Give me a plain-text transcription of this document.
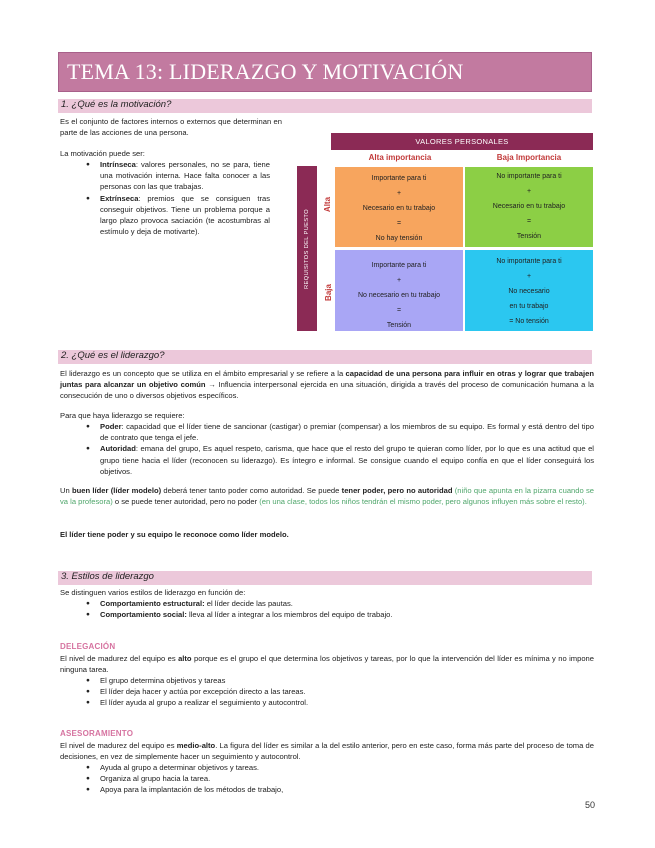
TEMA 13: LIDERAZGO Y MOTIVACIÓN
1. ¿Qué es la motivación?
Es el conjunto de factores internos o externos que determinan en parte de las acciones de una persona.
La motivación puede ser:
● Intrínseca: valores personales, no se para, tiene una motivación interna. Hace falta conocer a las personas con las que trabajas.
● Extrínseca: premios que se consiguen tras conseguir objetivos. Tiene un problema porque a largo plazo provoca saciación (te acostumbras al estímulo y deja de motivarte).
VALORES PERSONALES
Alta importancia	Baja Importancia
REQUISITOS DEL PUESTO
Alta
Baja
Importante para ti
+
Necesario en tu trabajo
=
No hay tensión
No importante para ti
+
Necesario en tu trabajo
=
Tensión
Importante para ti
+
No necesario en tu trabajo
=
Tensión
No importante para ti
+
No necesario
en tu trabajo
= No tensión
2. ¿Qué es el liderazgo?
El liderazgo es un concepto que se utiliza en el ámbito empresarial y se refiere a la capacidad de una persona para influir en otras y lograr que trabajen juntas para alcanzar un objetivo común → Influencia interpersonal ejercida en una situación, dirigida a través del proceso de comunicación humana a la consecución de uno o diversos objetivos específicos.
Para que haya liderazgo se requiere:
● Poder: capacidad que el líder tiene de sancionar (castigar) o premiar (compensar) a los miembros de su equipo. Es formal y está dentro del tipo de contrato que tenga el jefe.
● Autoridad: emana del grupo, Es aquel respeto, carisma, que hace que el resto del grupo te quieran como líder, por lo que es una actitud que el grupo tiene hacia el líder (reconocen su liderazgo). Es íntegro e informal. Se consigue cuando el equipo confía en que el líder conseguirá los objetivos.
Un buen líder (líder modelo) deberá tener tanto poder como autoridad. Se puede tener poder, pero no autoridad (niño que apunta en la pizarra cuando se va la profesora) o se puede tener autoridad, pero no poder (en una clase, todos los niños tendrán el mismo poder, pero algunos influyen más sobre el resto).
El líder tiene poder y su equipo le reconoce como líder modelo.
3. Estilos de liderazgo
Se distinguen varios estilos de liderazgo en función de:
● Comportamiento estructural: el líder decide las pautas.
● Comportamiento social: lleva al líder a integrar a los miembros del equipo de trabajo.
DELEGACIÓN
El nivel de madurez del equipo es alto porque es el grupo el que determina los objetivos y tareas, por lo que la intervención del líder es mínima y no impone ninguna tarea.
● El grupo determina objetivos y tareas
● El líder deja hacer y actúa por excepción directo a las tareas.
● El líder ayuda al grupo a realizar el seguimiento y autocontrol.
ASESORAMIENTO
El nivel de madurez del equipo es medio-alto. La figura del líder es similar a la del estilo anterior, pero en este caso, forma más parte del proceso de toma de decisiones, en vez de simplemente hacer un seguimiento y autocontrol.
● Ayuda al grupo a determinar objetivos y tareas.
● Organiza al grupo hacia la tarea.
● Apoya para la implantación de los métodos de trabajo,
50
